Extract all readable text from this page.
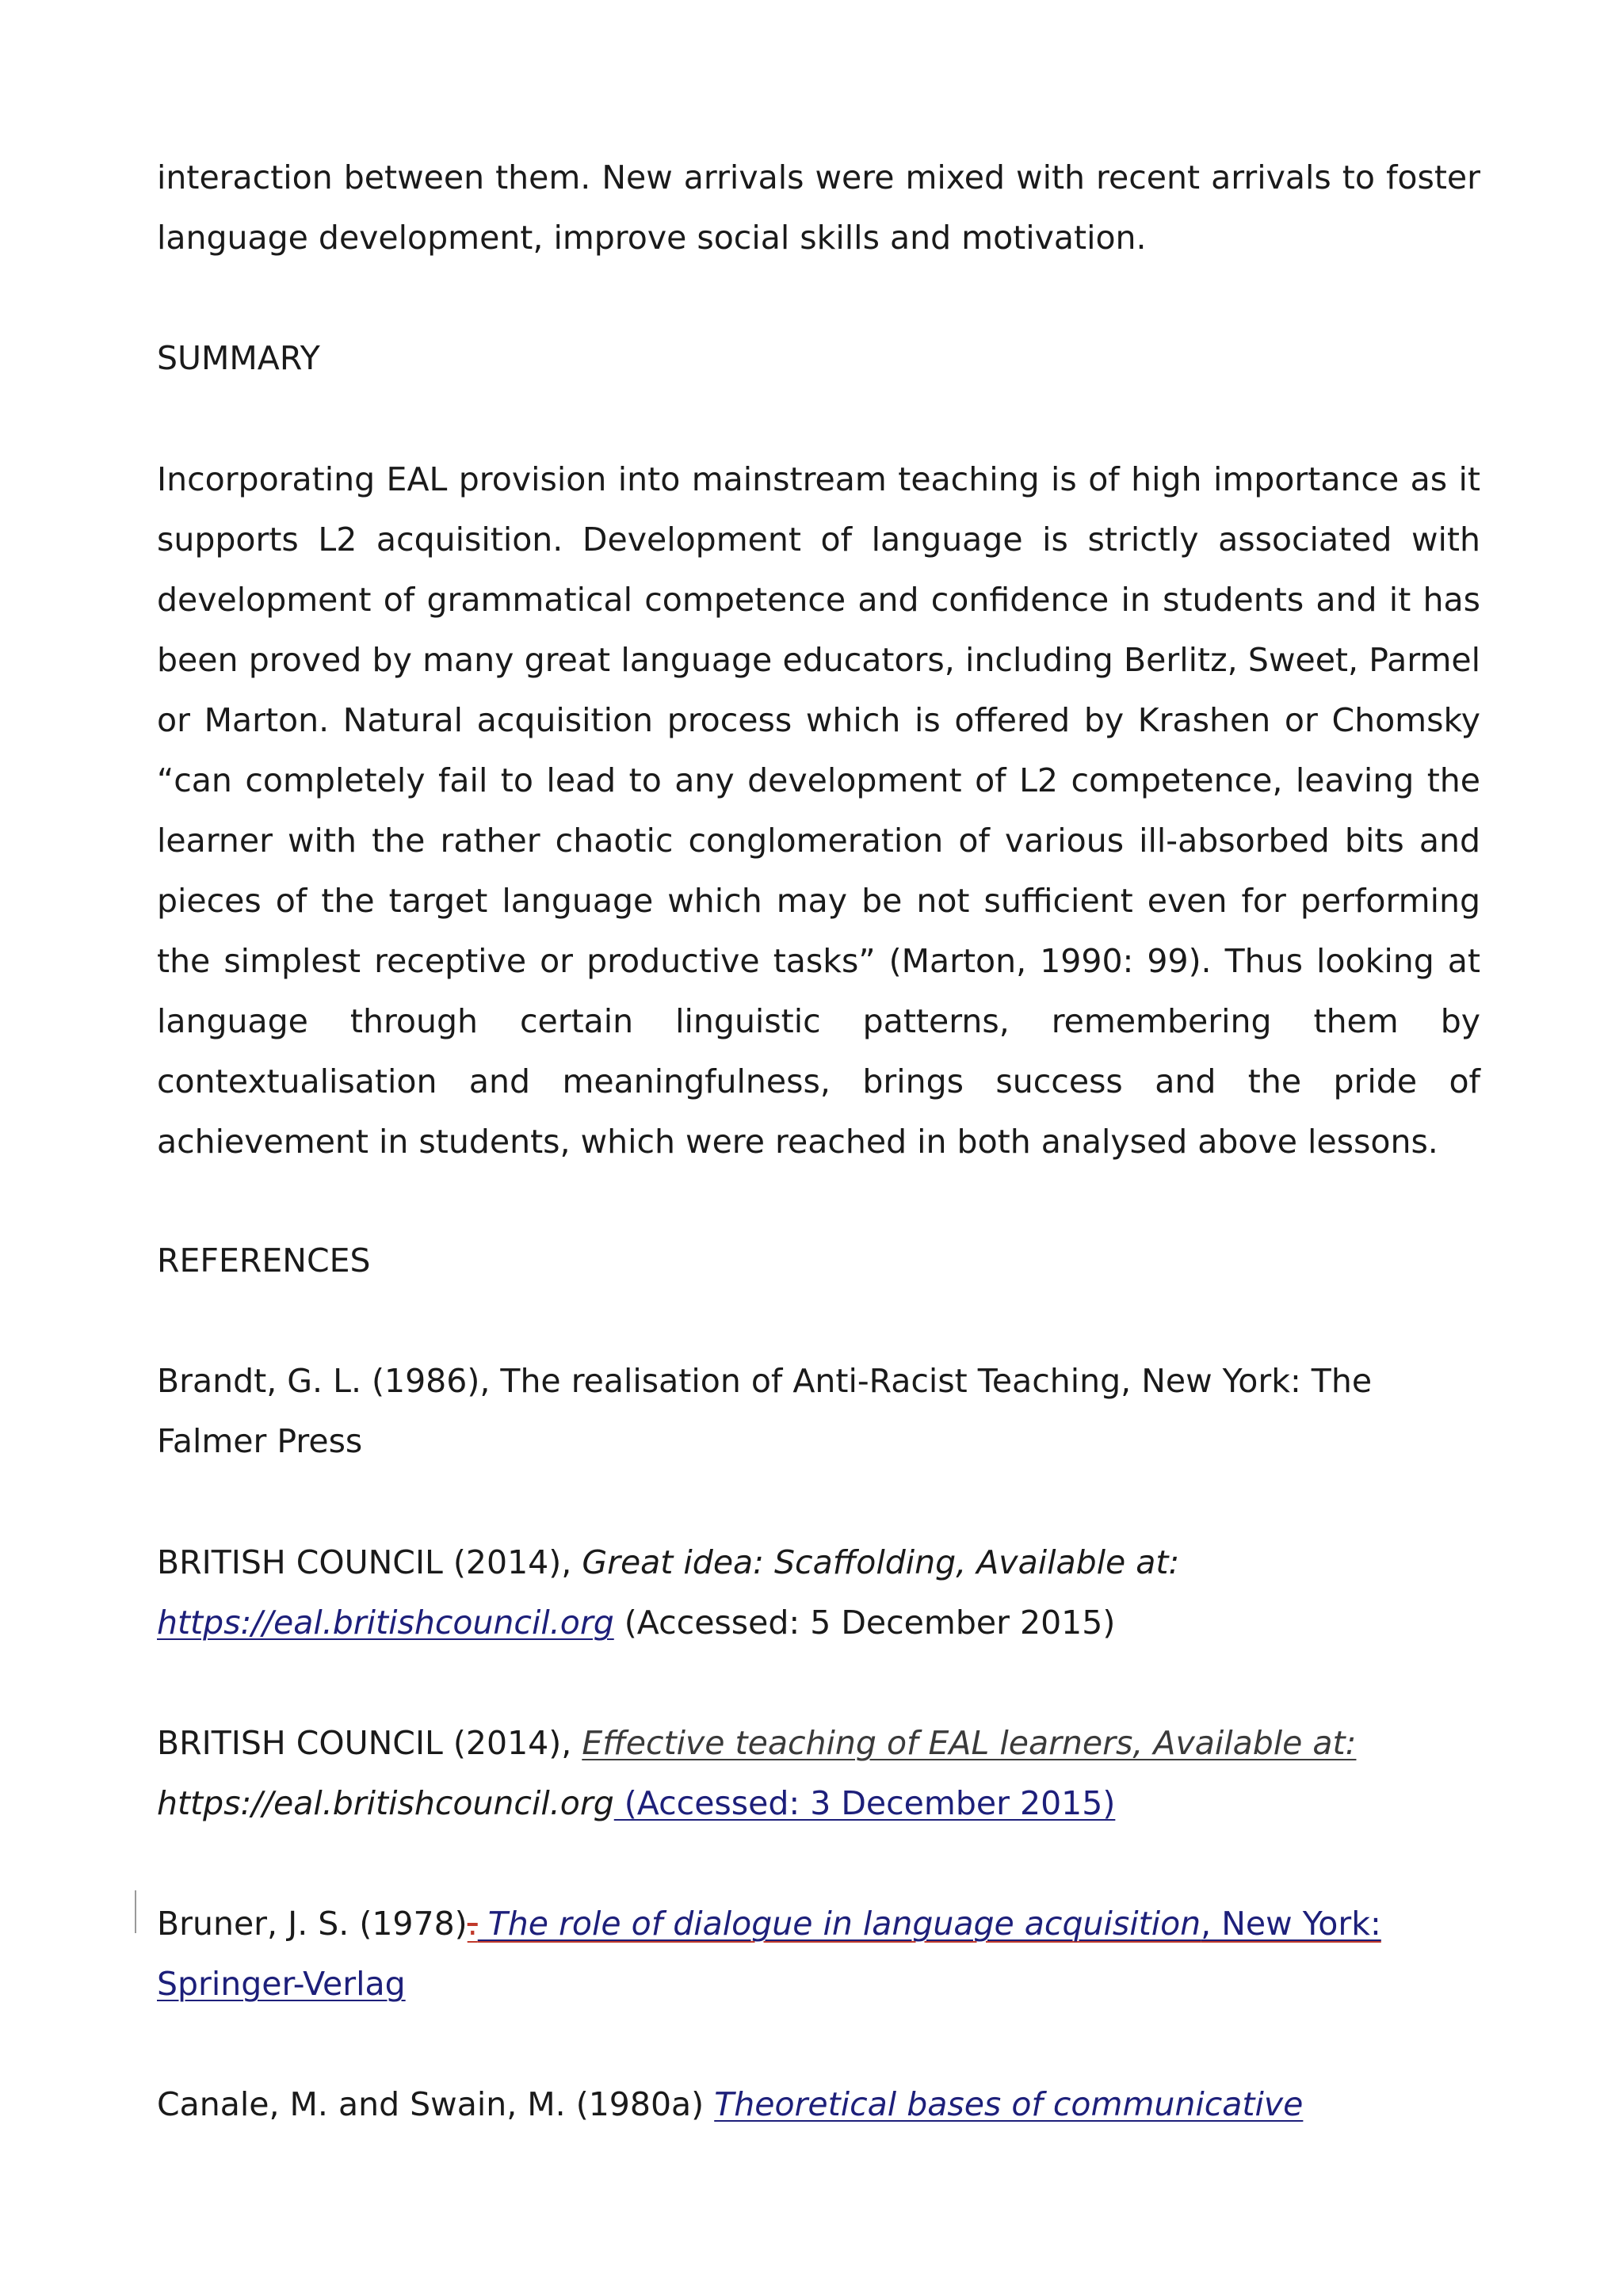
interaction between them. New arrivals were mixed with recent arrivals to foster language development, improve social skills and motivation.

SUMMARY

Incorporating EAL provision into mainstream teaching is of high importance as it supports L2 acquisition. Development of language is strictly associated with development of grammatical competence and confidence in students and it has been proved by many great language educators, including Berlitz, Sweet, Parmel or Marton. Natural acquisition process which is offered by Krashen or Chomsky “can completely fail to lead to any development of L2 competence, leaving the learner with the rather chaotic conglomeration of various ill-absorbed bits and pieces of the target language which may be not sufficient even for performing the simplest receptive or productive tasks” (Marton, 1990: 99). Thus looking at language through certain linguistic patterns, remembering them by contextualisation and meaningfulness, brings success and the pride of achievement in students, which were reached in both analysed above lessons.

REFERENCES

Brandt, G. L. (1986), The realisation of Anti-Racist Teaching, New York: The Falmer Press

BRITISH COUNCIL (2014), Great idea: Scaffolding, Available at:
https://eal.britishcouncil.org (Accessed: 5 December 2015)

BRITISH COUNCIL (2014), Effective teaching of EAL learners, Available at:
https://eal.britishcouncil.org (Accessed: 3 December 2015)

Bruner, J. S. (1978). The role of dialogue in language acquisition, New York:
Springer-Verlag

Canale, M. and Swain, M. (1980a) Theoretical bases of communicative
